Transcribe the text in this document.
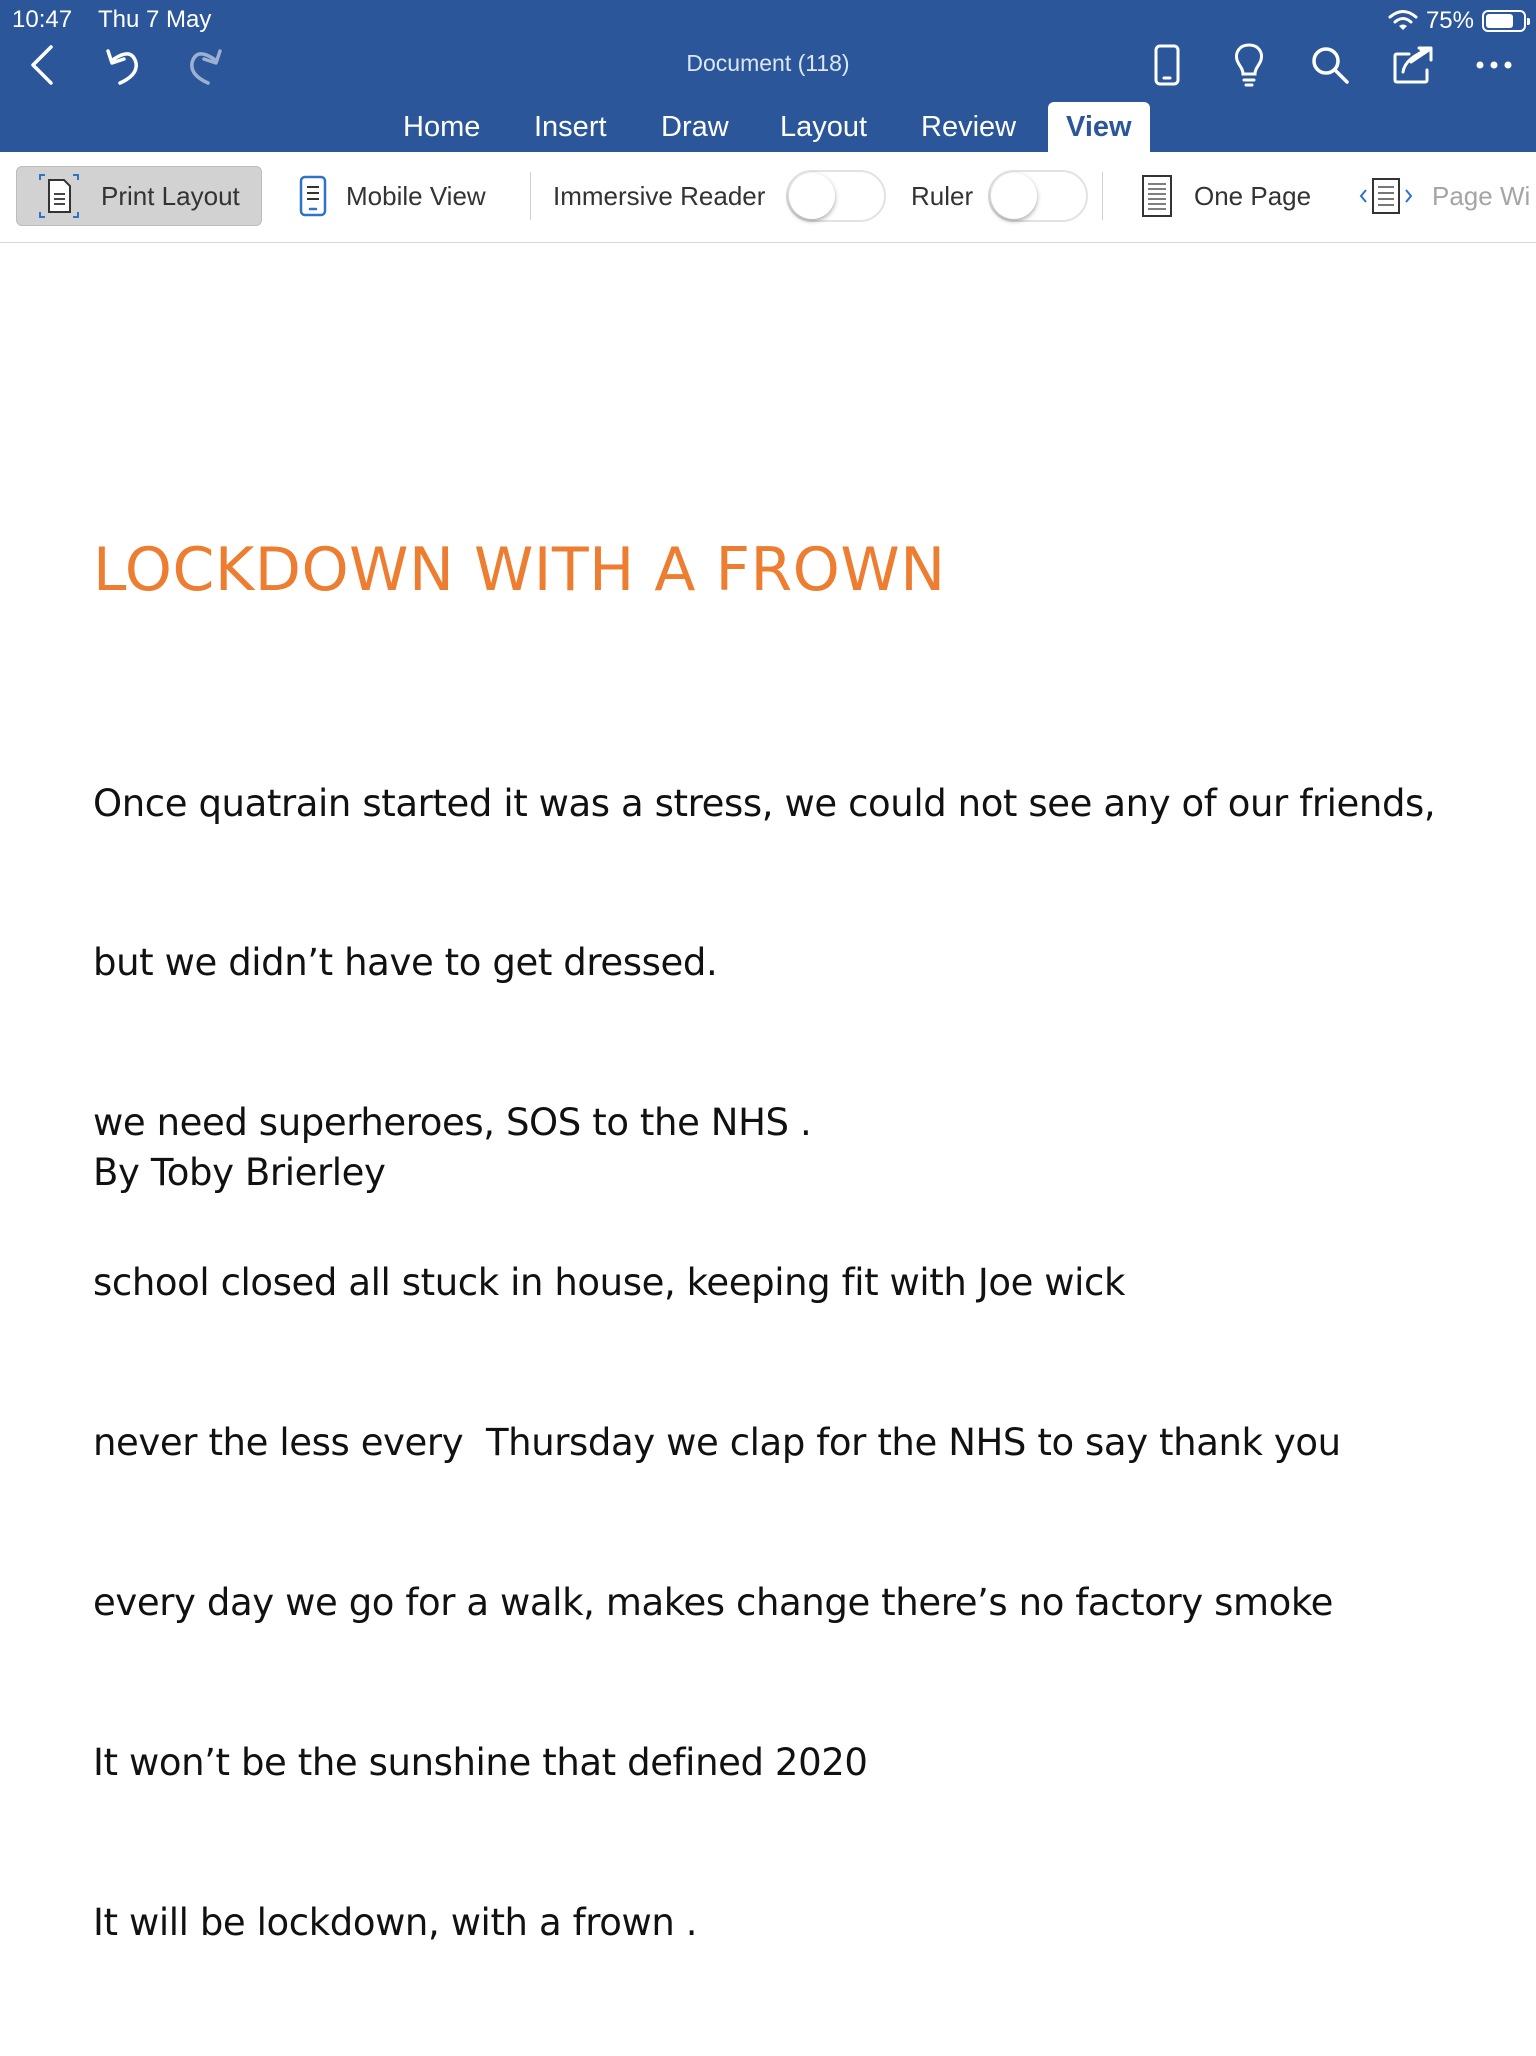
10:47 Thu 7 May	75%
Document (118)
Home Insert Draw Layout Review	View
Print Layout	Mobile View	Immersive Reader	Ruler	One Page	Page Wi
LOCKDOWN WITH A FROWN

Once quatrain started it was a stress, we could not see any of our friends,

but we didn’t have to get dressed.

we need superheroes, SOS to the NHS .

school closed all stuck in house, keeping fit with Joe wick

never the less every  Thursday we clap for the NHS to say thank you

every day we go for a walk, makes change there’s no factory smoke

It won’t be the sunshine that defined 2020

It will be lockdown, with a frown .

By Toby Brierley
